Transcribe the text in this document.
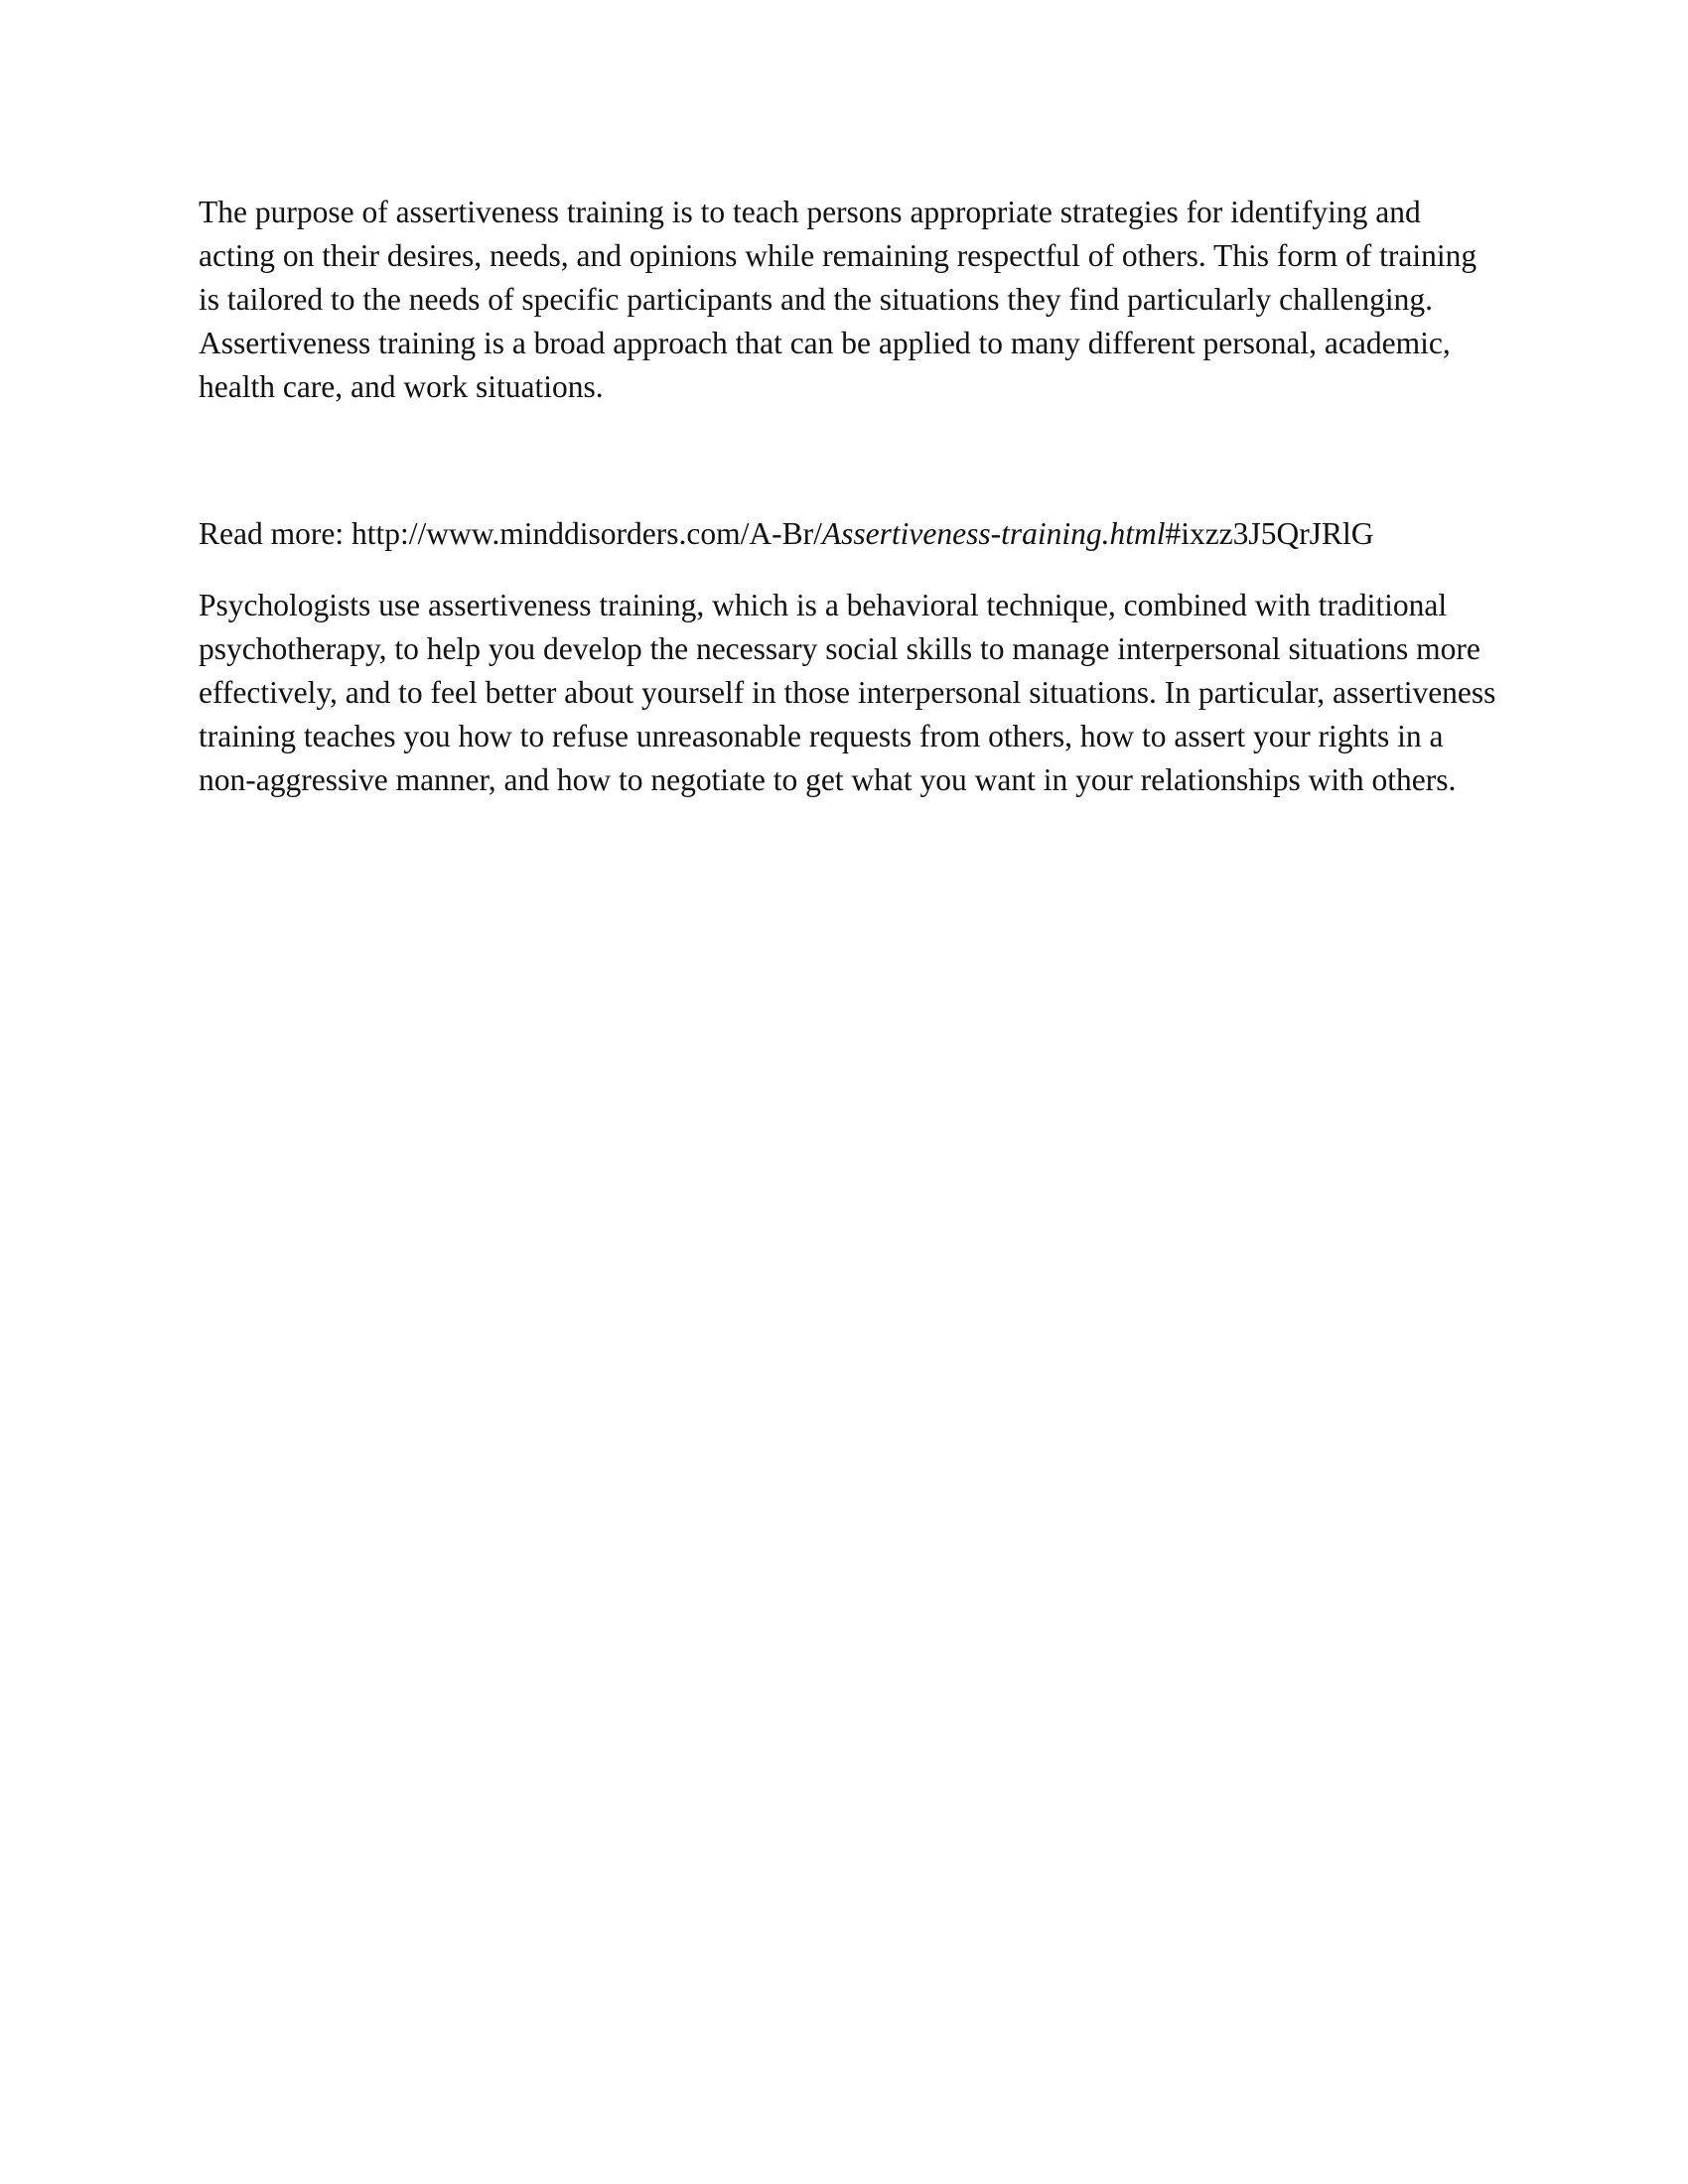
The purpose of assertiveness training is to teach persons appropriate strategies for identifying and acting on their desires, needs, and opinions while remaining respectful of others. This form of training is tailored to the needs of specific participants and the situations they find particularly challenging. Assertiveness training is a broad approach that can be applied to many different personal, academic, health care, and work situations.

Read more: http://www.minddisorders.com/A-Br/Assertiveness-training.html#ixzz3J5QrJRlG

Psychologists use assertiveness training, which is a behavioral technique, combined with traditional psychotherapy, to help you develop the necessary social skills to manage interpersonal situations more effectively, and to feel better about yourself in those interpersonal situations. In particular, assertiveness training teaches you how to refuse unreasonable requests from others, how to assert your rights in a non-aggressive manner, and how to negotiate to get what you want in your relationships with others.
